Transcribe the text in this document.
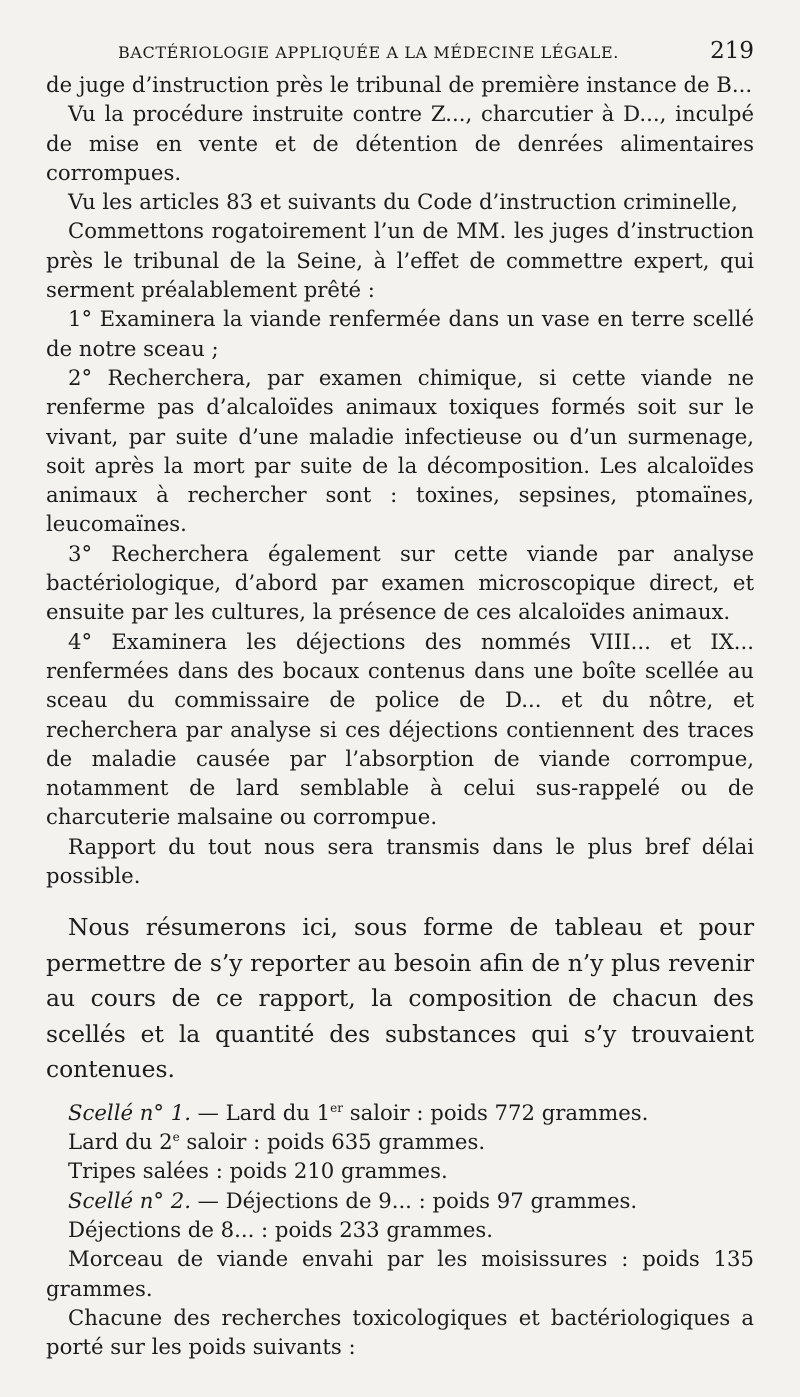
BACTÉRIOLOGIE APPLIQUÉE A LA MÉDECINE LÉGALE.	219

de juge d’instruction près le tribunal de première instance de B...

Vu la procédure instruite contre Z..., charcutier à D..., inculpé de mise en vente et de détention de denrées alimentaires corrompues.

Vu les articles 83 et suivants du Code d’instruction criminelle,

Commettons rogatoirement l’un de MM. les juges d’instruction près le tribunal de la Seine, à l’effet de commettre expert, qui serment préalablement prêté :

1° Examinera la viande renfermée dans un vase en terre scellé de notre sceau ;

2° Recherchera, par examen chimique, si cette viande ne renferme pas d’alcaloïdes animaux toxiques formés soit sur le vivant, par suite d’une maladie infectieuse ou d’un surmenage, soit après la mort par suite de la décomposition. Les alcaloïdes animaux à rechercher sont : toxines, sepsines, ptomaïnes, leucomaïnes.

3° Recherchera également sur cette viande par analyse bactériologique, d’abord par examen microscopique direct, et ensuite par les cultures, la présence de ces alcaloïdes animaux.

4° Examinera les déjections des nommés VIII... et IX... renfermées dans des bocaux contenus dans une boîte scellée au sceau du commissaire de police de D... et du nôtre, et recherchera par analyse si ces déjections contiennent des traces de maladie causée par l’absorption de viande corrompue, notamment de lard semblable à celui sus-rappelé ou de charcuterie malsaine ou corrompue.

Rapport du tout nous sera transmis dans le plus bref délai possible.

Nous résumerons ici, sous forme de tableau et pour permettre de s’y reporter au besoin afin de n’y plus revenir au cours de ce rapport, la composition de chacun des scellés et la quantité des substances qui s’y trouvaient contenues.

Scellé n° 1. — Lard du 1er saloir : poids 772 grammes.

Lard du 2e saloir : poids 635 grammes.

Tripes salées : poids 210 grammes.

Scellé n° 2. — Déjections de 9... : poids 97 grammes.

Déjections de 8... : poids 233 grammes.

Morceau de viande envahi par les moisissures : poids 135 grammes.

Chacune des recherches toxicologiques et bactériologiques a porté sur les poids suivants :
